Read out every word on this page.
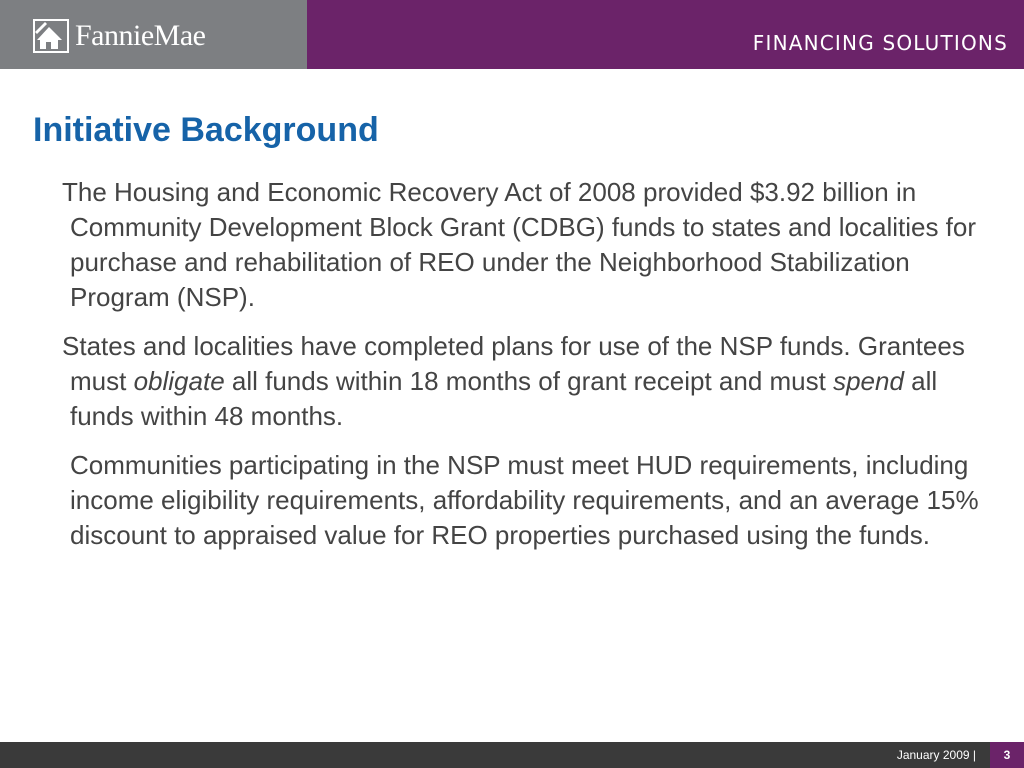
FannieMae	FINANCING SOLUTIONS
Initiative Background

The Housing and Economic Recovery Act of 2008 provided $3.92 billion in Community Development Block Grant (CDBG) funds to states and localities for purchase and rehabilitation of REO under the Neighborhood Stabilization Program (NSP).

States and localities have completed plans for use of the NSP funds. Grantees must obligate all funds within 18 months of grant receipt and must spend all funds within 48 months.

Communities participating in the NSP must meet HUD requirements, including income eligibility requirements, affordability requirements, and an average 15% discount to appraised value for REO properties purchased using the funds.

January 2009 |	3
